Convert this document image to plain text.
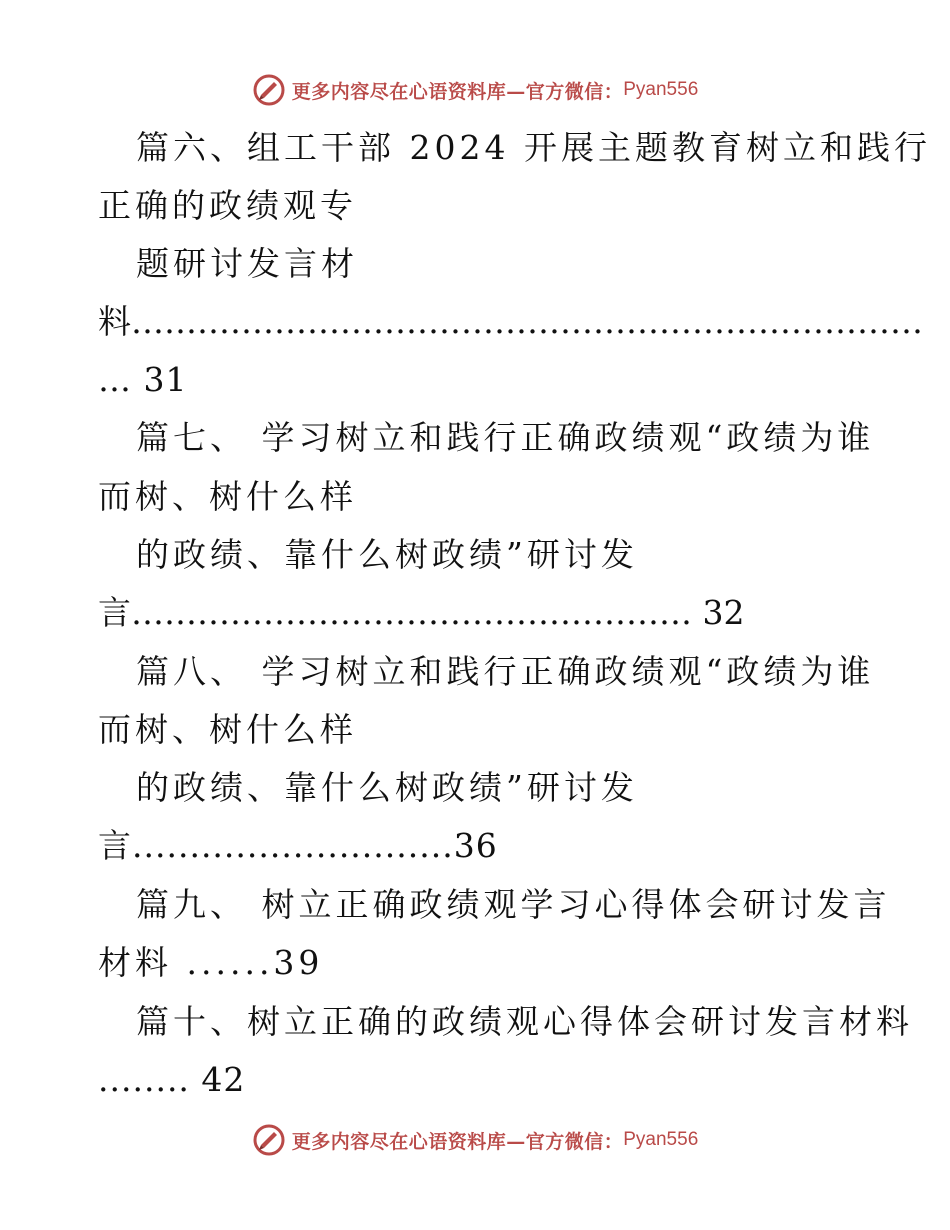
更多内容尽在心语资料库—官方微信： Pyan556
篇六、组工干部 2024 开展主题教育树立和践行
正确的政绩观专
题研讨发言材
料………………………………………………………………
… 31
篇七、 学习树立和践行正确政绩观“政绩为谁
而树、树什么样
的政绩、靠什么树政绩”研讨发
言…………………………………………… 32
篇八、 学习树立和践行正确政绩观“政绩为谁
而树、树什么样
的政绩、靠什么树政绩”研讨发
言............................36
篇九、 树立正确政绩观学习心得体会研讨发言
材料 ......39
篇十、树立正确的政绩观心得体会研讨发言材料
........ 42
更多内容尽在心语资料库—官方微信： Pyan556
